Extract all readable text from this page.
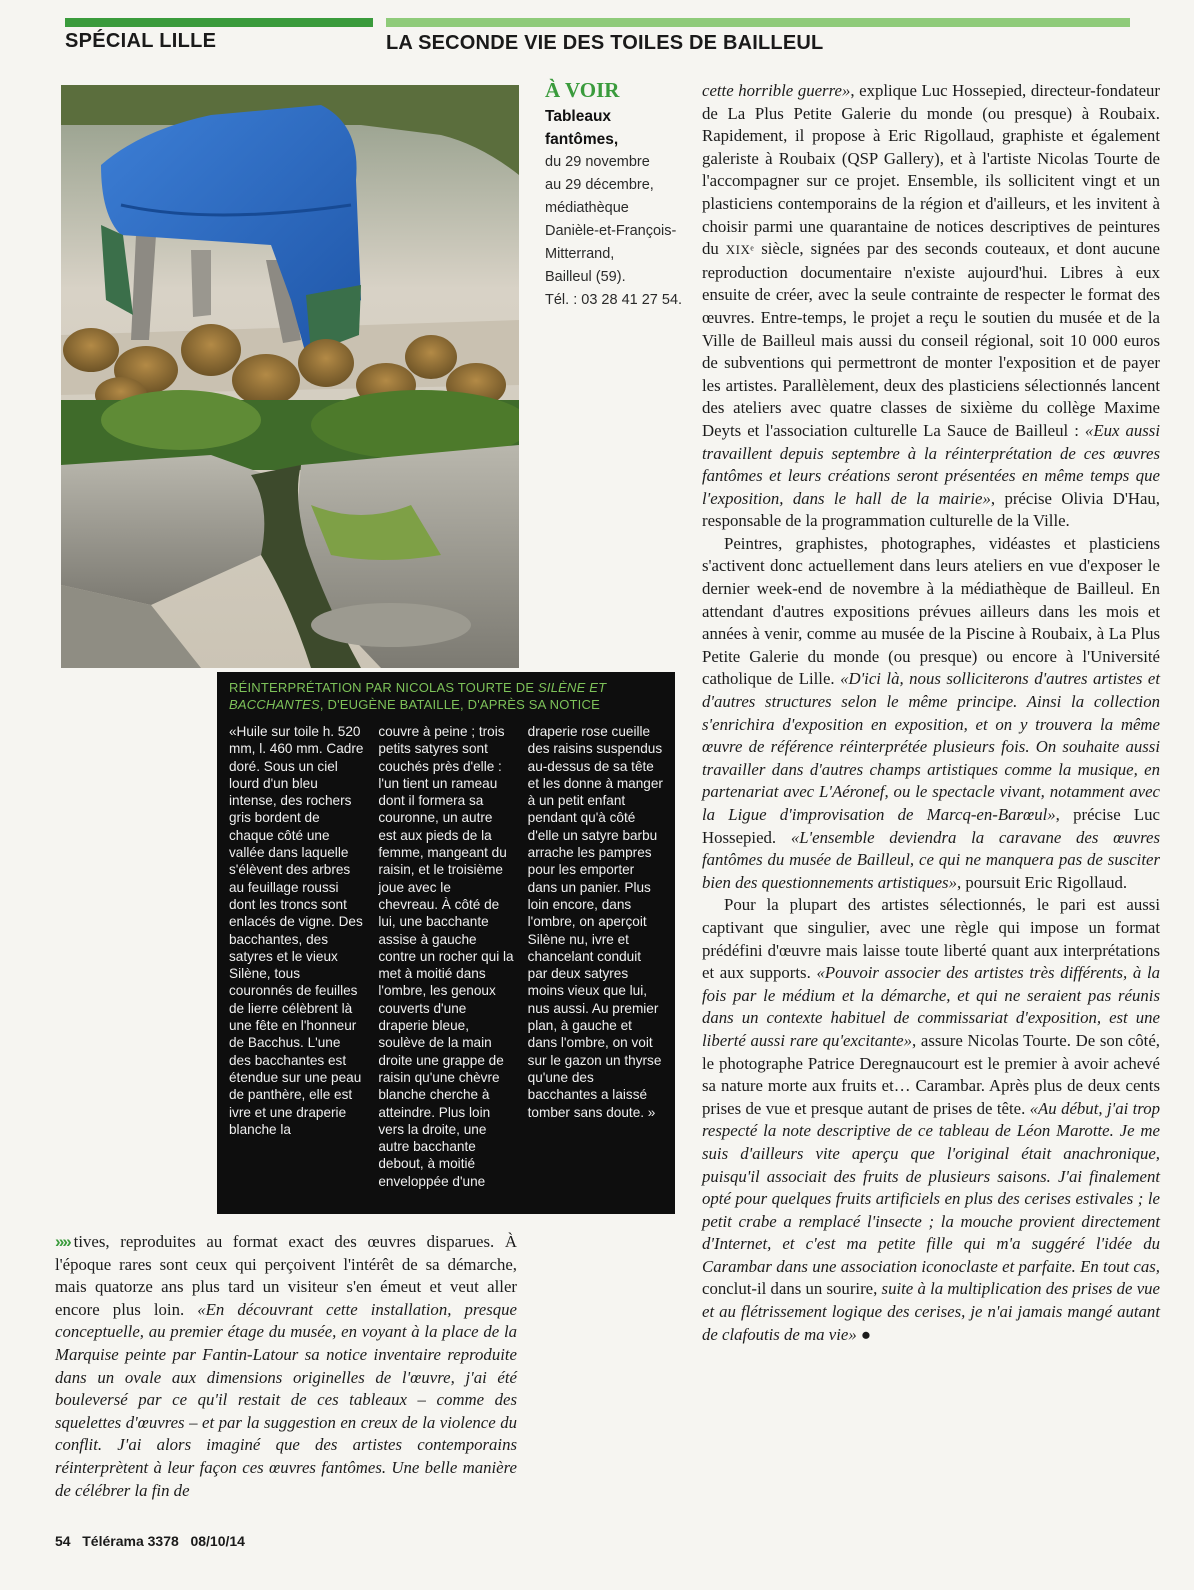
SPÉCIAL LILLE	LA SECONDE VIE DES TOILES DE BAILLEUL
À VOIR
Tableaux
fantômes,
du 29 novembre
au 29 décembre,
médiathèque
Danièle-et-François-
Mitterrand,
Bailleul (59).
Tél. : 03 28 41 27 54.
RÉINTERPRÉTATION PAR NICOLAS TOURTE DE SILÈNE ET BACCHANTES, D'EUGÈNE BATAILLE, D'APRÈS SA NOTICE
«Huile sur toile h. 520 mm, l. 460 mm. Cadre doré. Sous un ciel lourd d'un bleu intense, des rochers gris bordent de chaque côté une vallée dans laquelle s'élèvent des arbres au feuillage roussi dont les troncs sont enlacés de vigne. Des bacchantes, des satyres et le vieux Silène, tous couronnés de feuilles de lierre célèbrent là une fête en l'honneur de Bacchus. L'une des bacchantes est étendue sur une peau de panthère, elle est ivre et une draperie blanche la
couvre à peine ; trois petits satyres sont couchés près d'elle : l'un tient un rameau dont il formera sa couronne, un autre est aux pieds de la femme, mangeant du raisin, et le troisième joue avec le chevreau. À côté de lui, une bacchante assise à gauche contre un rocher qui la met à moitié dans l'ombre, les genoux couverts d'une draperie bleue, soulève de la main droite une grappe de raisin qu'une chèvre blanche cherche à atteindre. Plus loin vers la droite, une autre bacchante debout, à moitié enveloppée d'une
draperie rose cueille des raisins suspendus au-dessus de sa tête et les donne à manger à un petit enfant pendant qu'à côté d'elle un satyre barbu arrache les pampres pour les emporter dans un panier. Plus loin encore, dans l'ombre, on aperçoit Silène nu, ivre et chancelant conduit par deux satyres moins vieux que lui, nus aussi. Au premier plan, à gauche et dans l'ombre, on voit sur le gazon un thyrse qu'une des bacchantes a laissé tomber sans doute. »

»» tives, reproduites au format exact des œuvres disparues. À l'époque rares sont ceux qui perçoivent l'intérêt de sa démarche, mais quatorze ans plus tard un visiteur s'en émeut et veut aller encore plus loin. «En découvrant cette installation, presque conceptuelle, au premier étage du musée, en voyant à la place de la Marquise peinte par Fantin-Latour sa notice inventaire reproduite dans un ovale aux dimensions originelles de l'œuvre, j'ai été bouleversé par ce qu'il restait de ces tableaux – comme des squelettes d'œuvres – et par la suggestion en creux de la violence du conflit. J'ai alors imaginé que des artistes contemporains réinterprètent à leur façon ces œuvres fantômes. Une belle manière de célébrer la fin de

cette horrible guerre», explique Luc Hossepied, directeur-fondateur de La Plus Petite Galerie du monde (ou presque) à Roubaix. Rapidement, il propose à Eric Rigollaud, graphiste et également galeriste à Roubaix (QSP Gallery), et à l'artiste Nicolas Tourte de l'accompagner sur ce projet. Ensemble, ils sollicitent vingt et un plasticiens contemporains de la région et d'ailleurs, et les invitent à choisir parmi une quarantaine de notices descriptives de peintures du XIXᵉ siècle, signées par des seconds couteaux, et dont aucune reproduction documentaire n'existe aujourd'hui. Libres à eux ensuite de créer, avec la seule contrainte de respecter le format des œuvres. Entre-temps, le projet a reçu le soutien du musée et de la Ville de Bailleul mais aussi du conseil régional, soit 10 000 euros de subventions qui permettront de monter l'exposition et de payer les artistes. Parallèlement, deux des plasticiens sélectionnés lancent des ateliers avec quatre classes de sixième du collège Maxime Deyts et l'association culturelle La Sauce de Bailleul : «Eux aussi travaillent depuis septembre à la réinterprétation de ces œuvres fantômes et leurs créations seront présentées en même temps que l'exposition, dans le hall de la mairie», précise Olivia D'Hau, responsable de la programmation culturelle de la Ville.

Peintres, graphistes, photographes, vidéastes et plasticiens s'activent donc actuellement dans leurs ateliers en vue d'exposer le dernier week-end de novembre à la médiathèque de Bailleul. En attendant d'autres expositions prévues ailleurs dans les mois et années à venir, comme au musée de la Piscine à Roubaix, à La Plus Petite Galerie du monde (ou presque) ou encore à l'Université catholique de Lille. «D'ici là, nous solliciterons d'autres artistes et d'autres structures selon le même principe. Ainsi la collection s'enrichira d'exposition en exposition, et on y trouvera la même œuvre de référence réinterprétée plusieurs fois. On souhaite aussi travailler dans d'autres champs artistiques comme la musique, en partenariat avec L'Aéronef, ou le spectacle vivant, notamment avec la Ligue d'improvisation de Marcq-en-Barœul», précise Luc Hossepied. «L'ensemble deviendra la caravane des œuvres fantômes du musée de Bailleul, ce qui ne manquera pas de susciter bien des questionnements artistiques», poursuit Eric Rigollaud.

Pour la plupart des artistes sélectionnés, le pari est aussi captivant que singulier, avec une règle qui impose un format prédéfini d'œuvre mais laisse toute liberté quant aux interprétations et aux supports. «Pouvoir associer des artistes très différents, à la fois par le médium et la démarche, et qui ne seraient pas réunis dans un contexte habituel de commissariat d'exposition, est une liberté aussi rare qu'excitante», assure Nicolas Tourte. De son côté, le photographe Patrice Deregnaucourt est le premier à avoir achevé sa nature morte aux fruits et… Carambar. Après plus de deux cents prises de vue et presque autant de prises de tête. «Au début, j'ai trop respecté la note descriptive de ce tableau de Léon Marotte. Je me suis d'ailleurs vite aperçu que l'original était anachronique, puisqu'il associait des fruits de plusieurs saisons. J'ai finalement opté pour quelques fruits artificiels en plus des cerises estivales ; le petit crabe a remplacé l'insecte ; la mouche provient directement d'Internet, et c'est ma petite fille qui m'a suggéré l'idée du Carambar dans une association iconoclaste et parfaite. En tout cas, conclut-il dans un sourire, suite à la multiplication des prises de vue et au flétrissement logique des cerises, je n'ai jamais mangé autant de clafoutis de ma vie» ●

54 Télérama 3378 08/10/14
